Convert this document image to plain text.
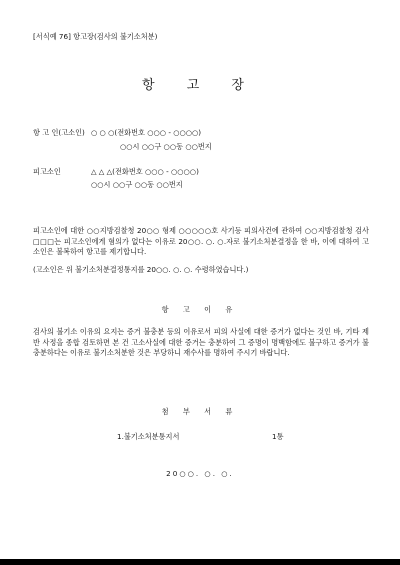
[서식예 76] 항고장(검사의 불기소처분)
항 고 장
항 고 인(고소인) ○ ○ ○(전화번호 ○○○ - ○○○○)
○○시 ○○구 ○○동 ○○번지
피고소인	△ △ △(전화번호 ○○○ - ○○○○)
○○시 ○○구 ○○동 ○○번지
피고소인에 대한 ○○지방검찰청 20○○ 형제 ○○○○○호 사기등 피의사건에 관하여 ○○지방검찰청 검사 □□□는 피고소인에게 혐의가 없다는 이유로 20○○. ○. ○.자로 불기소처분결정을 한 바, 이에 대하여 고소인은 불복하여 항고를 제기합니다.
(고소인은 위 불기소처분결정통지를 20○○. ○. ○. 수령하였습니다.)
항 고 이 유
검사의 불기소 이유의 요지는 증거 불충분 등의 이유로서 피의 사실에 대한 증거가 없다는 것인 바, 기타 제반 사정을 종합 검토하면 본 건 고소사실에 대한 증거는 충분하여 그 증명이 명백함에도 불구하고 증거가 불충분하다는 이유로 불기소처분한 것은 부당하니 재수사를 명하여 주시기 바랍니다.
첨 부 서 류
1.불기소처분통지서	1통
20○○. ○. ○.
